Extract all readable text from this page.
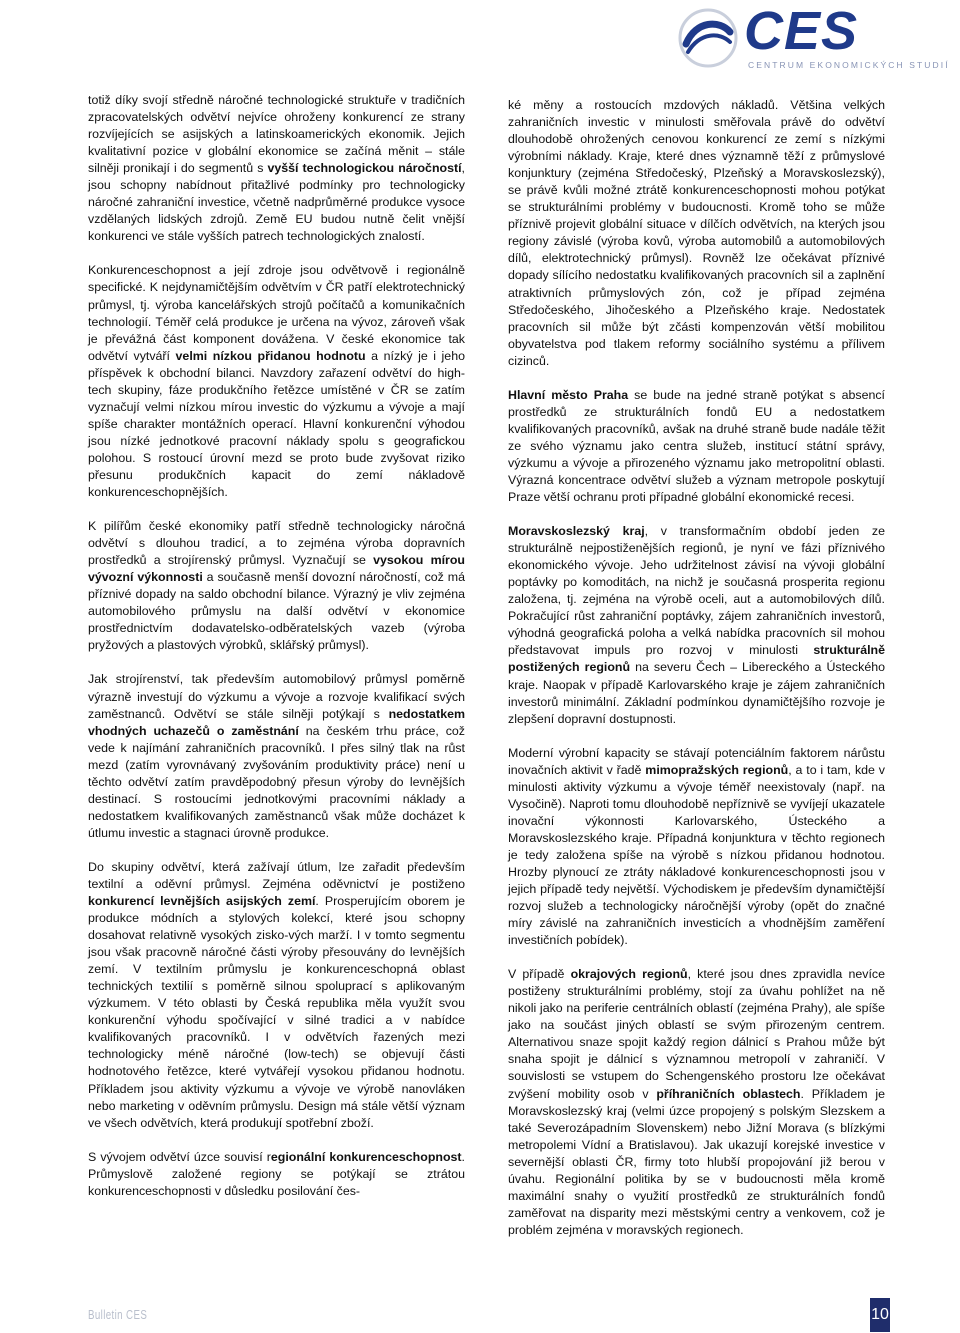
CES
CENTRUM EKONOMICKÝCH STUDIÍ

totiž díky svojí středně náročné technologické struktuře v tradičních zpracovatelských odvětví nejvíce ohroženy konkurencí ze strany rozvíjejících se asijských a latinskoamerických ekonomik. Jejich kvalitativní pozice v globální ekonomice se začíná měnit – stále silněji pronikají i do segmentů s vyšší technologickou náročností, jsou schopny nabídnout přitažlivé podmínky pro technologicky náročné zahraniční investice, včetně nadprůměrné produkce vysoce vzdělaných lidských zdrojů. Země EU budou nutně čelit vnější konkurenci ve stále vyšších patrech technologických znalostí.

Konkurenceschopnost a její zdroje jsou odvětvově i regionálně specifické. K nejdynamičtějším odvětvím v ČR patří elektrotechnický průmysl, tj. výroba kancelářských strojů počítačů a komunikačních technologií. Téměř celá produkce je určena na vývoz, zároveň však je převážná část komponent dovážena. V české ekonomice tak odvětví vytváří velmi nízkou přidanou hodnotu a nízký je i jeho příspěvek k obchodní bilanci. Navzdory zařazení odvětví do high-tech skupiny, fáze produkčního řetězce umístěné v ČR se zatím vyznačují velmi nízkou mírou investic do výzkumu a vývoje a mají spíše charakter montážních operací. Hlavní konkurenční výhodou jsou nízké jednotkové pracovní náklady spolu s geografickou polohou. S rostoucí úrovní mezd se proto bude zvyšovat riziko přesunu produkčních kapacit do zemí nákladově konkurenceschopnějších.

K pilířům české ekonomiky patří středně technologicky náročná odvětví s dlouhou tradicí, a to zejména výroba dopravních prostředků a strojírenský průmysl. Vyznačují se vysokou mírou vývozní výkonnosti a současně menší dovozní náročností, což má příznivé dopady na saldo obchodní bilance. Výrazný je vliv zejména automobilového průmyslu na další odvětví v ekonomice prostřednictvím dodavatelsko-odběratelských vazeb (výroba pryžových a plastových výrobků, sklářský průmysl).

Jak strojírenství, tak především automobilový průmysl poměrně výrazně investují do výzkumu a vývoje a rozvoje kvalifikací svých zaměstnanců. Odvětví se stále silněji potýkají s nedostatkem vhodných uchazečů o zaměstnání na českém trhu práce, což vede k najímání zahraničních pracovníků. I přes silný tlak na růst mezd (zatím vyrovnávaný zvyšováním produktivity práce) není u těchto odvětví zatím pravděpodobný přesun výroby do levnějších destinací. S rostoucími jednotkovými pracovními náklady a nedostatkem kvalifikovaných zaměstnanců však může docházet k útlumu investic a stagnaci úrovně produkce.

Do skupiny odvětví, která zažívají útlum, lze zařadit především textilní a oděvní průmysl. Zejména oděvnictví je postiženo konkurencí levnějších asijských zemí. Prosperujícím oborem je produkce módních a stylových kolekcí, které jsou schopny dosahovat relativně vysokých zisko-vých marží. I v tomto segmentu jsou však pracovně náročné části výroby přesouvány do levnějších zemí. V textilním průmyslu je konkurenceschopná oblast technických textilií s poměrně silnou spoluprací s aplikovaným výzkumem. V této oblasti by Česká republika měla využít svou konkurenční výhodu spočívající v silné tradici a v nabídce kvalifikovaných pracovníků. I v odvětvích řazených mezi technologicky méně náročné (low-tech) se objevují části hodnotového řetězce, které vytvářejí vysokou přidanou hodnotu. Příkladem jsou aktivity výzkumu a vývoje ve výrobě nanovláken nebo marketing v oděvním průmyslu. Design má stále větší význam ve všech odvětvích, která produkují spotřební zboží.

S vývojem odvětví úzce souvisí regionální konkurenceschopnost. Průmyslově založené regiony se potýkají se ztrátou konkurenceschopnosti v důsledku posilování čes-

ké měny a rostoucích mzdových nákladů. Většina velkých zahraničních investic v minulosti směřovala právě do odvětví dlouhodobě ohrožených cenovou konkurencí ze zemí s nízkými výrobními náklady. Kraje, které dnes významně těží z průmyslové konjunktury (zejména Středočeský, Plzeňský a Moravskoslezský), se právě kvůli možné ztrátě konkurenceschopnosti mohou potýkat se strukturálními problémy v budoucnosti. Kromě toho se může příznivě projevit globální situace v dílčích odvětvích, na kterých jsou regiony závislé (výroba kovů, výroba automobilů a automobilových dílů, elektrotechnický průmysl). Rovněž lze očekávat příznivé dopady sílícího nedostatku kvalifikovaných pracovních sil a zaplnění atraktivních průmyslových zón, což je případ zejména Středočeského, Jihočeského a Plzeňského kraje. Nedostatek pracovních sil může být zčásti kompenzován větší mobilitou obyvatelstva pod tlakem reformy sociálního systému a přílivem cizinců.

Hlavní město Praha se bude na jedné straně potýkat s absencí prostředků ze strukturálních fondů EU a nedostatkem kvalifikovaných pracovníků, avšak na druhé straně bude nadále těžit ze svého významu jako centra služeb, institucí státní správy, výzkumu a vývoje a přirozeného významu jako metropolitní oblasti. Výrazná koncentrace odvětví služeb a význam metropole poskytují Praze větší ochranu proti případné globální ekonomické recesi.

Moravskoslezský kraj, v transformačním období jeden ze strukturálně nejpostiženějších regionů, je nyní ve fázi příznivého ekonomického vývoje. Jeho udržitelnost závisí na vývoji globální poptávky po komoditách, na nichž je současná prosperita regionu založena, tj. zejména na výrobě oceli, aut a automobilových dílů. Pokračující růst zahraniční poptávky, zájem zahraničních investorů, výhodná geografická poloha a velká nabídka pracovních sil mohou představovat impuls pro rozvoj v minulosti strukturálně postižených regionů na severu Čech – Libereckého a Ústeckého kraje. Naopak v případě Karlovarského kraje je zájem zahraničních investorů minimální. Základní podmínkou dynamičtějšího rozvoje je zlepšení dopravní dostupnosti.

Moderní výrobní kapacity se stávají potenciálním faktorem nárůstu inovačních aktivit v řadě mimopražských regionů, a to i tam, kde v minulosti aktivity výzkumu a vývoje téměř neexistovaly (např. na Vysočině). Naproti tomu dlouhodobě nepříznivě se vyvíjejí ukazatele inovační výkonnosti Karlovarského, Ústeckého a Moravskoslezského kraje. Případná konjunktura v těchto regionech je tedy založena spíše na výrobě s nízkou přidanou hodnotou. Hrozby plynoucí ze ztráty nákladové konkurenceschopnosti jsou v jejich případě tedy největší. Východiskem je především dynamičtější rozvoj služeb a technologicky náročnější výroby (opět do značné míry závislé na zahraničních investicích a vhodnějším zaměření investičních pobídek).

V případě okrajových regionů, které jsou dnes zpravidla nevíce postiženy strukturálními problémy, stojí za úvahu pohlížet na ně nikoli jako na periferie centrálních oblastí (zejména Prahy), ale spíše jako na součást jiných oblastí se svým přirozeným centrem. Alternativou snaze spojit každý region dálnicí s Prahou může být snaha spojit je dálnicí s významnou metropolí v zahraničí. V souvislosti se vstupem do Schengenského prostoru lze očekávat zvýšení mobility osob v příhraničních oblastech. Příkladem je Moravskoslezský kraj (velmi úzce propojený s polským Slezskem a také Severozápadním Slovenskem) nebo Jižní Morava (s blízkými metropolemi Vídní a Bratislavou). Jak ukazují korejské investice v severnější oblasti ČR, firmy toto hlubší propojování již berou v úvahu. Regionální politika by se v budoucnosti měla kromě maximální snahy o využití prostředků ze strukturálních fondů zaměřovat na disparity mezi městskými centry a venkovem, což je problém zejména v moravských regionech.

Bulletin CES	10
